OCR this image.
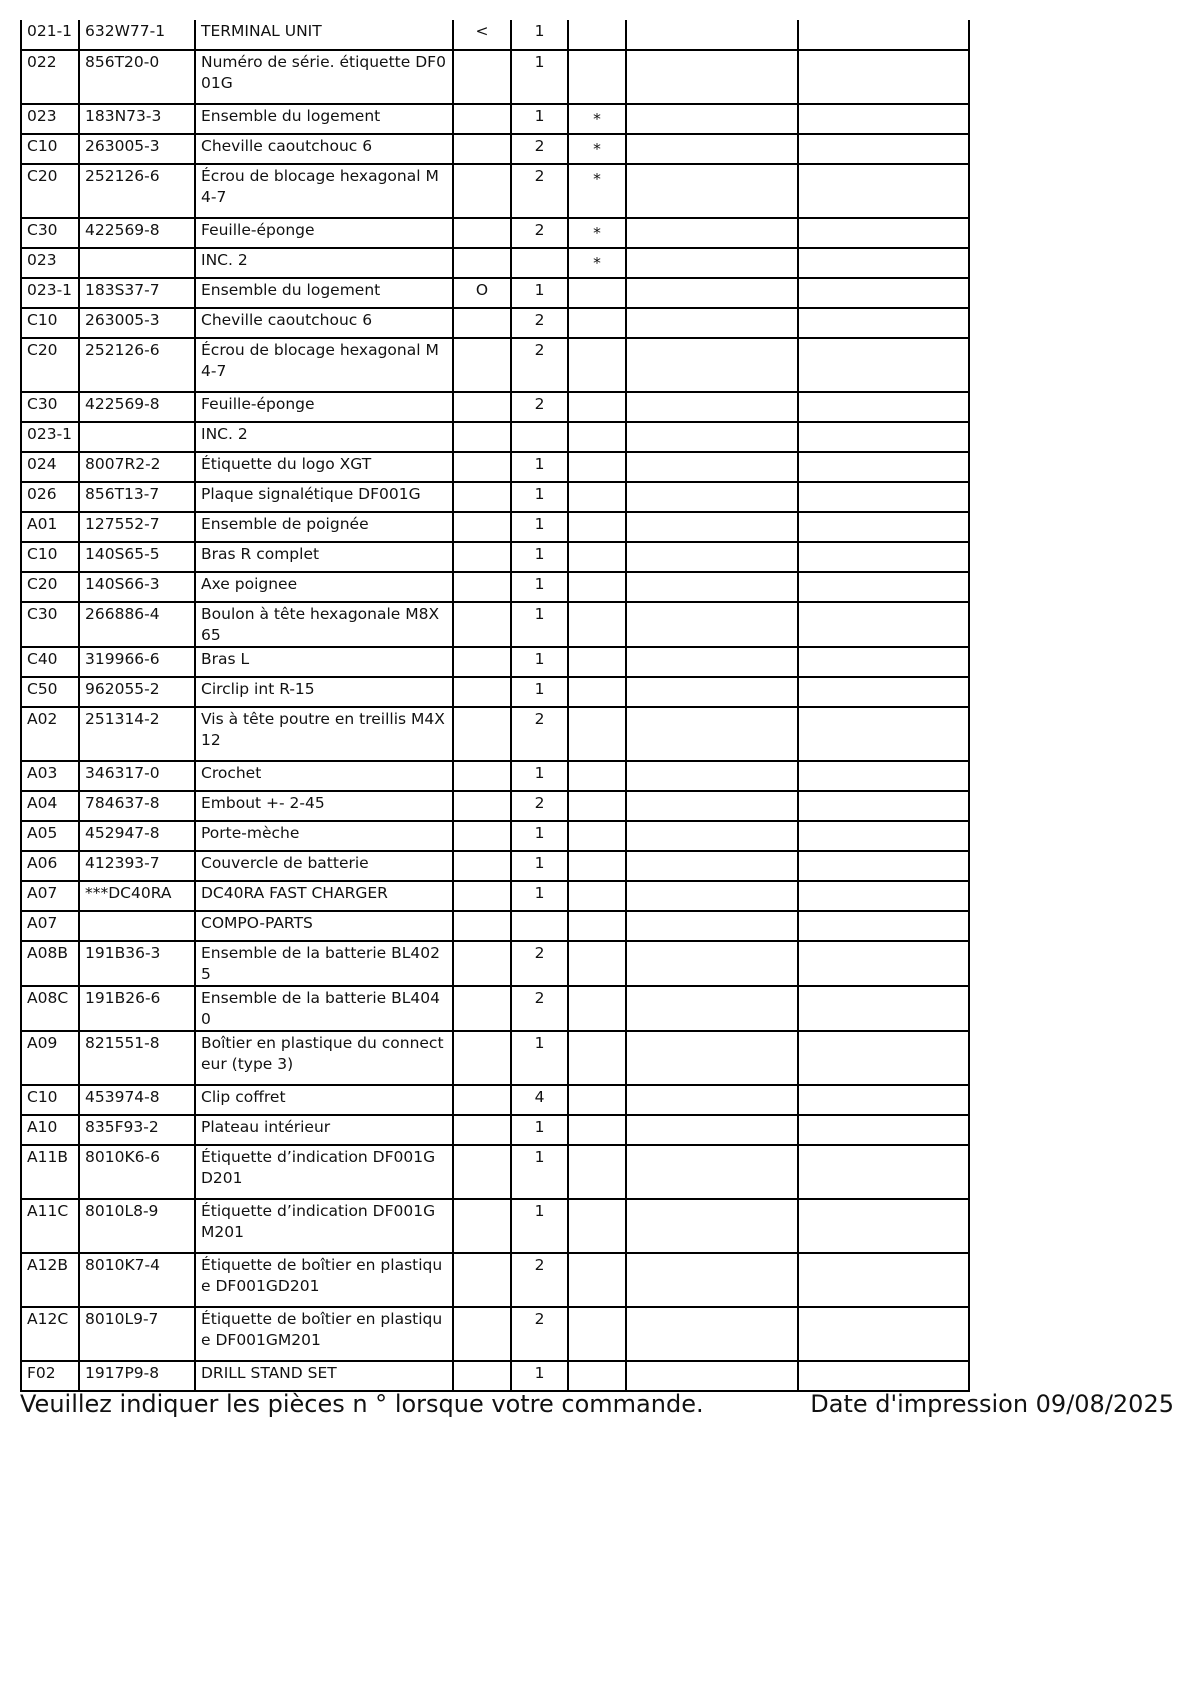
021-1	632W77-1	TERMINAL UNIT	<	1			
022	856T20-0	Numéro de série. étiquette DF001G		1			
023	183N73-3	Ensemble du logement		1	*		
C10	263005-3	Cheville caoutchouc 6		2	*		
C20	252126-6	Écrou de blocage hexagonal M4-7		2	*		
C30	422569-8	Feuille-éponge		2	*		
023		INC. 2			*		
023-1	183S37-7	Ensemble du logement	O	1			
C10	263005-3	Cheville caoutchouc 6		2			
C20	252126-6	Écrou de blocage hexagonal M4-7		2			
C30	422569-8	Feuille-éponge		2			
023-1		INC. 2					
024	8007R2-2	Étiquette du logo XGT		1			
026	856T13-7	Plaque signalétique DF001G		1			
A01	127552-7	Ensemble de poignée		1			
C10	140S65-5	Bras R complet		1			
C20	140S66-3	Axe poignee		1			
C30	266886-4	Boulon à tête hexagonale M8X65		1			
C40	319966-6	Bras L		1			
C50	962055-2	Circlip int R-15		1			
A02	251314-2	Vis à tête poutre en treillis M4X12		2			
A03	346317-0	Crochet		1			
A04	784637-8	Embout +- 2-45		2			
A05	452947-8	Porte-mèche		1			
A06	412393-7	Couvercle de batterie		1			
A07	***DC40RA	DC40RA FAST CHARGER		1			
A07		COMPO-PARTS					
A08B	191B36-3	Ensemble de la batterie BL4025		2			
A08C	191B26-6	Ensemble de la batterie BL4040		2			
A09	821551-8	Boîtier en plastique du connecteur (type 3)		1			
C10	453974-8	Clip coffret		4			
A10	835F93-2	Plateau intérieur		1			
A11B	8010K6-6	Étiquette d’indication DF001GD201		1			
A11C	8010L8-9	Étiquette d’indication DF001GM201		1			
A12B	8010K7-4	Étiquette de boîtier en plastique DF001GD201		2			
A12C	8010L9-7	Étiquette de boîtier en plastique DF001GM201		2			
F02	1917P9-8	DRILL STAND SET		1			
Veuillez indiquer les pièces n ° lorsque votre commande.	Date d'impression 09/08/2025
